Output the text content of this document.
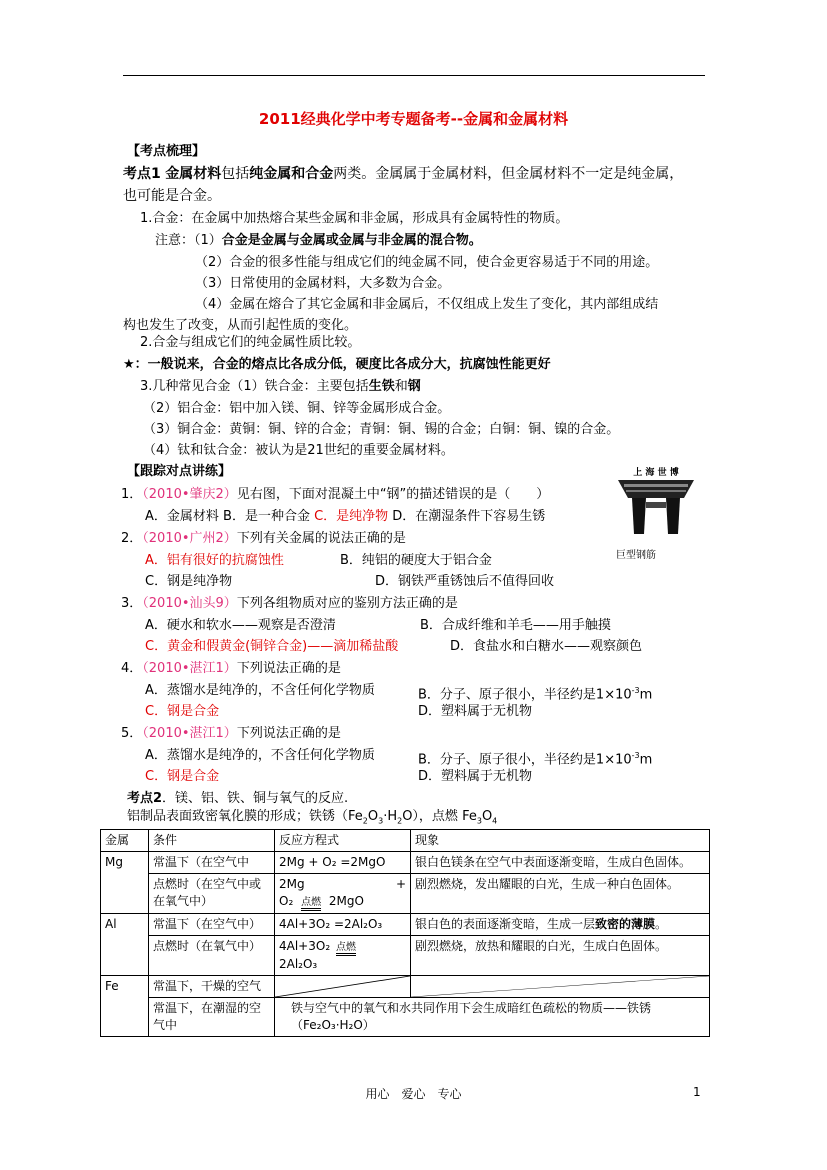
2011经典化学中考专题备考--金属和金属材料
【考点梳理】
考点1 金属材料包括纯金属和合金两类。金属属于金属材料，但金属材料不一定是纯金属，
也可能是合金。
1.合金：在金属中加热熔合某些金属和非金属，形成具有金属特性的物质。
注意：（1）合金是金属与金属或金属与非金属的混合物。
（2）合金的很多性能与组成它们的纯金属不同，使合金更容易适于不同的用途。
（3）日常使用的金属材料，大多数为合金。
（4）金属在熔合了其它金属和非金属后，不仅组成上发生了变化，其内部组成结
构也发生了改变，从而引起性质的变化。
2.合金与组成它们的纯金属性质比较。
★：一般说来，合金的熔点比各成分低，硬度比各成分大，抗腐蚀性能更好
3.几种常见合金（1）铁合金：主要包括生铁和钢
（2）铝合金：铝中加入镁、铜、锌等金属形成合金。
（3）铜合金：黄铜：铜、锌的合金；青铜：铜、锡的合金；白铜：铜、镍的合金。
（4）钛和钛合金：被认为是21世纪的重要金属材料。
【跟踪对点讲练】	上 海 世 博
巨型钢筋
1．（2010•肇庆2）见右图，下面对混凝土中“钢”的描述错误的是（　　）
A．金属材料 B．是一种合金 C．是纯净物 D．在潮湿条件下容易生锈
2．（2010•广州2）下列有关金属的说法正确的是
A．铝有很好的抗腐蚀性	B．纯铝的硬度大于铝合金
C．钢是纯净物	D．钢铁严重锈蚀后不值得回收
3．（2010•汕头9）下列各组物质对应的鉴别方法正确的是
A．硬水和软水——观察是否澄清	B．合成纤维和羊毛——用手触摸
C．黄金和假黄金(铜锌合金)——滴加稀盐酸	D．食盐水和白糖水——观察颜色
4．（2010•湛江1）下列说法正确的是
A．蒸馏水是纯净的，不含任何化学物质	B．分子、原子很小，半径约是$1\times 10^{-3}m$
C．钢是合金	D．塑料属于无机物
5．（2010•湛江1）下列说法正确的是
A．蒸馏水是纯净的，不含任何化学物质	B．分子、原子很小，半径约是$1\times 10^{-3}m$
C．钢是合金	D．塑料属于无机物
考点2．镁、铝、铁、铜与氧气的反应.
铝制品表面致密氧化膜的形成；铁锈$(Fe_2O_3\cdot H_2O)$，点燃 $Fe_3O_4$
金属	条件	反应方程式	现象
Mg	常温下（在空气中	2Mg + O₂ =2MgO	银白色镁条在空气中表面逐渐变暗，生成白色固体。
	点燃时（在空气中或在氧气中）	2Mg +
O₂ 点燃 2MgO	剧烈燃烧，发出耀眼的白光，生成一种白色固体。
Al	常温下（在空气中）	4Al+3O₂ =2Al₂O₃	银白色的表面逐渐变暗，生成一层致密的薄膜。
	点燃时（在氧气中）	4Al+3O₂ 点燃
2Al₂O₃	剧烈燃烧，放热和耀眼的白光，生成白色固体。
Fe	常温下，干燥的空气	

	常温下，在潮湿的空气中	铁与空气中的氧气和水共同作用下会生成暗红色疏松的物质——铁锈
（Fe₂O₃·H₂O）	
用心　爱心　专心	1
